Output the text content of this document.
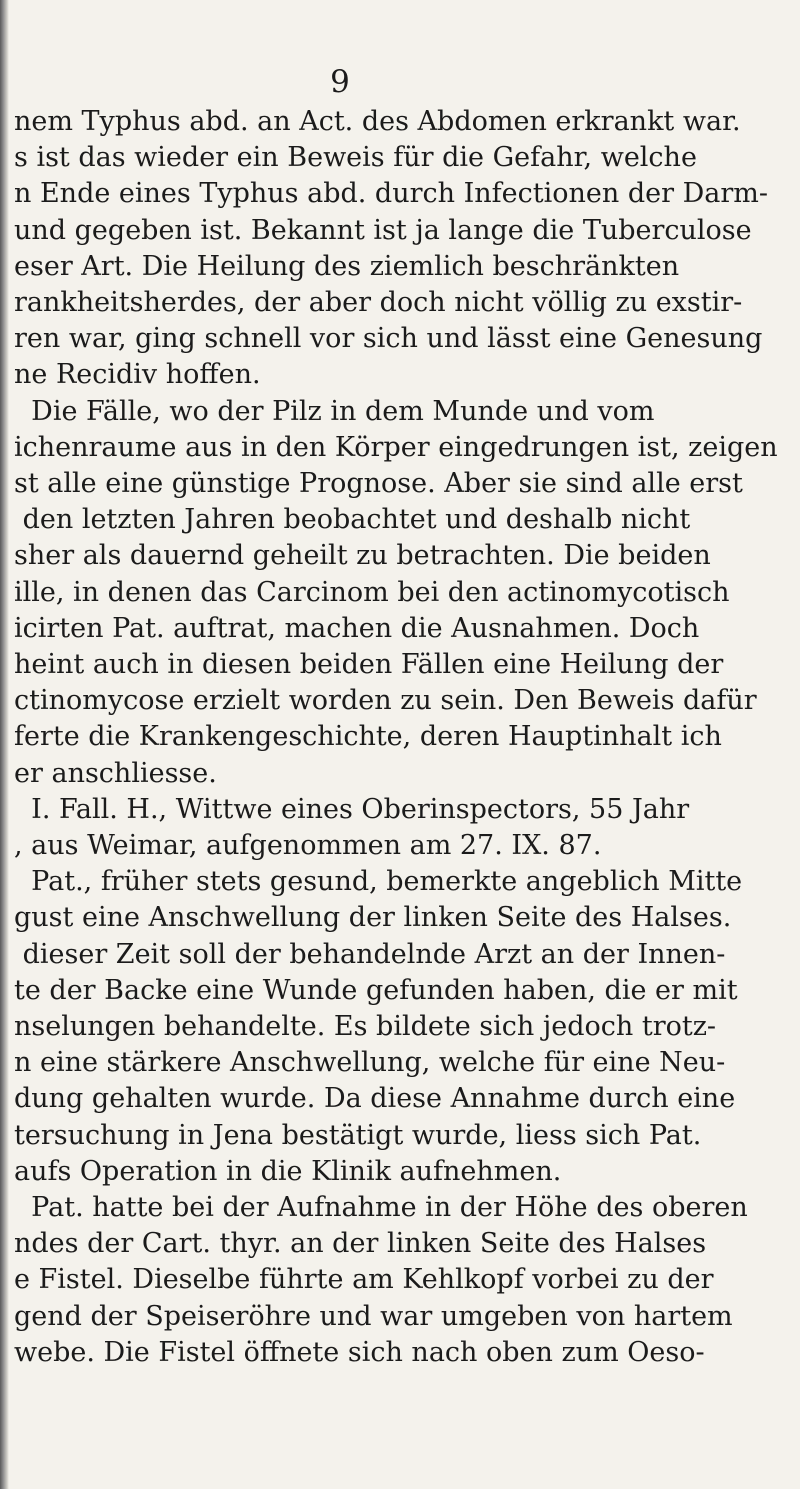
9
nem Typhus abd. an Act. des Abdomen erkrankt war.
s ist das wieder ein Beweis für die Gefahr, welche
n Ende eines Typhus abd. durch Infectionen der Darm-
und gegeben ist. Bekannt ist ja lange die Tuberculose
eser Art. Die Heilung des ziemlich beschränkten
rankheitsherdes, der aber doch nicht völlig zu exstir-
ren war, ging schnell vor sich und lässt eine Genesung
ne Recidiv hoffen.
Die Fälle, wo der Pilz in dem Munde und vom
ichenraume aus in den Körper eingedrungen ist, zeigen
st alle eine günstige Prognose. Aber sie sind alle erst
den letzten Jahren beobachtet und deshalb nicht
sher als dauernd geheilt zu betrachten. Die beiden
ille, in denen das Carcinom bei den actinomycotisch
icirten Pat. auftrat, machen die Ausnahmen. Doch
heint auch in diesen beiden Fällen eine Heilung der
ctinomycose erzielt worden zu sein. Den Beweis dafür
ferte die Krankengeschichte, deren Hauptinhalt ich
er anschliesse.
I. Fall. H., Wittwe eines Oberinspectors, 55 Jahr
, aus Weimar, aufgenommen am 27. IX. 87.
Pat., früher stets gesund, bemerkte angeblich Mitte
gust eine Anschwellung der linken Seite des Halses.
dieser Zeit soll der behandelnde Arzt an der Innen-
te der Backe eine Wunde gefunden haben, die er mit
nselungen behandelte. Es bildete sich jedoch trotz-
n eine stärkere Anschwellung, welche für eine Neu-
dung gehalten wurde. Da diese Annahme durch eine
tersuchung in Jena bestätigt wurde, liess sich Pat.
aufs Operation in die Klinik aufnehmen.
Pat. hatte bei der Aufnahme in der Höhe des oberen
ndes der Cart. thyr. an der linken Seite des Halses
e Fistel. Dieselbe führte am Kehlkopf vorbei zu der
gend der Speiseröhre und war umgeben von hartem
webe. Die Fistel öffnete sich nach oben zum Oeso-
